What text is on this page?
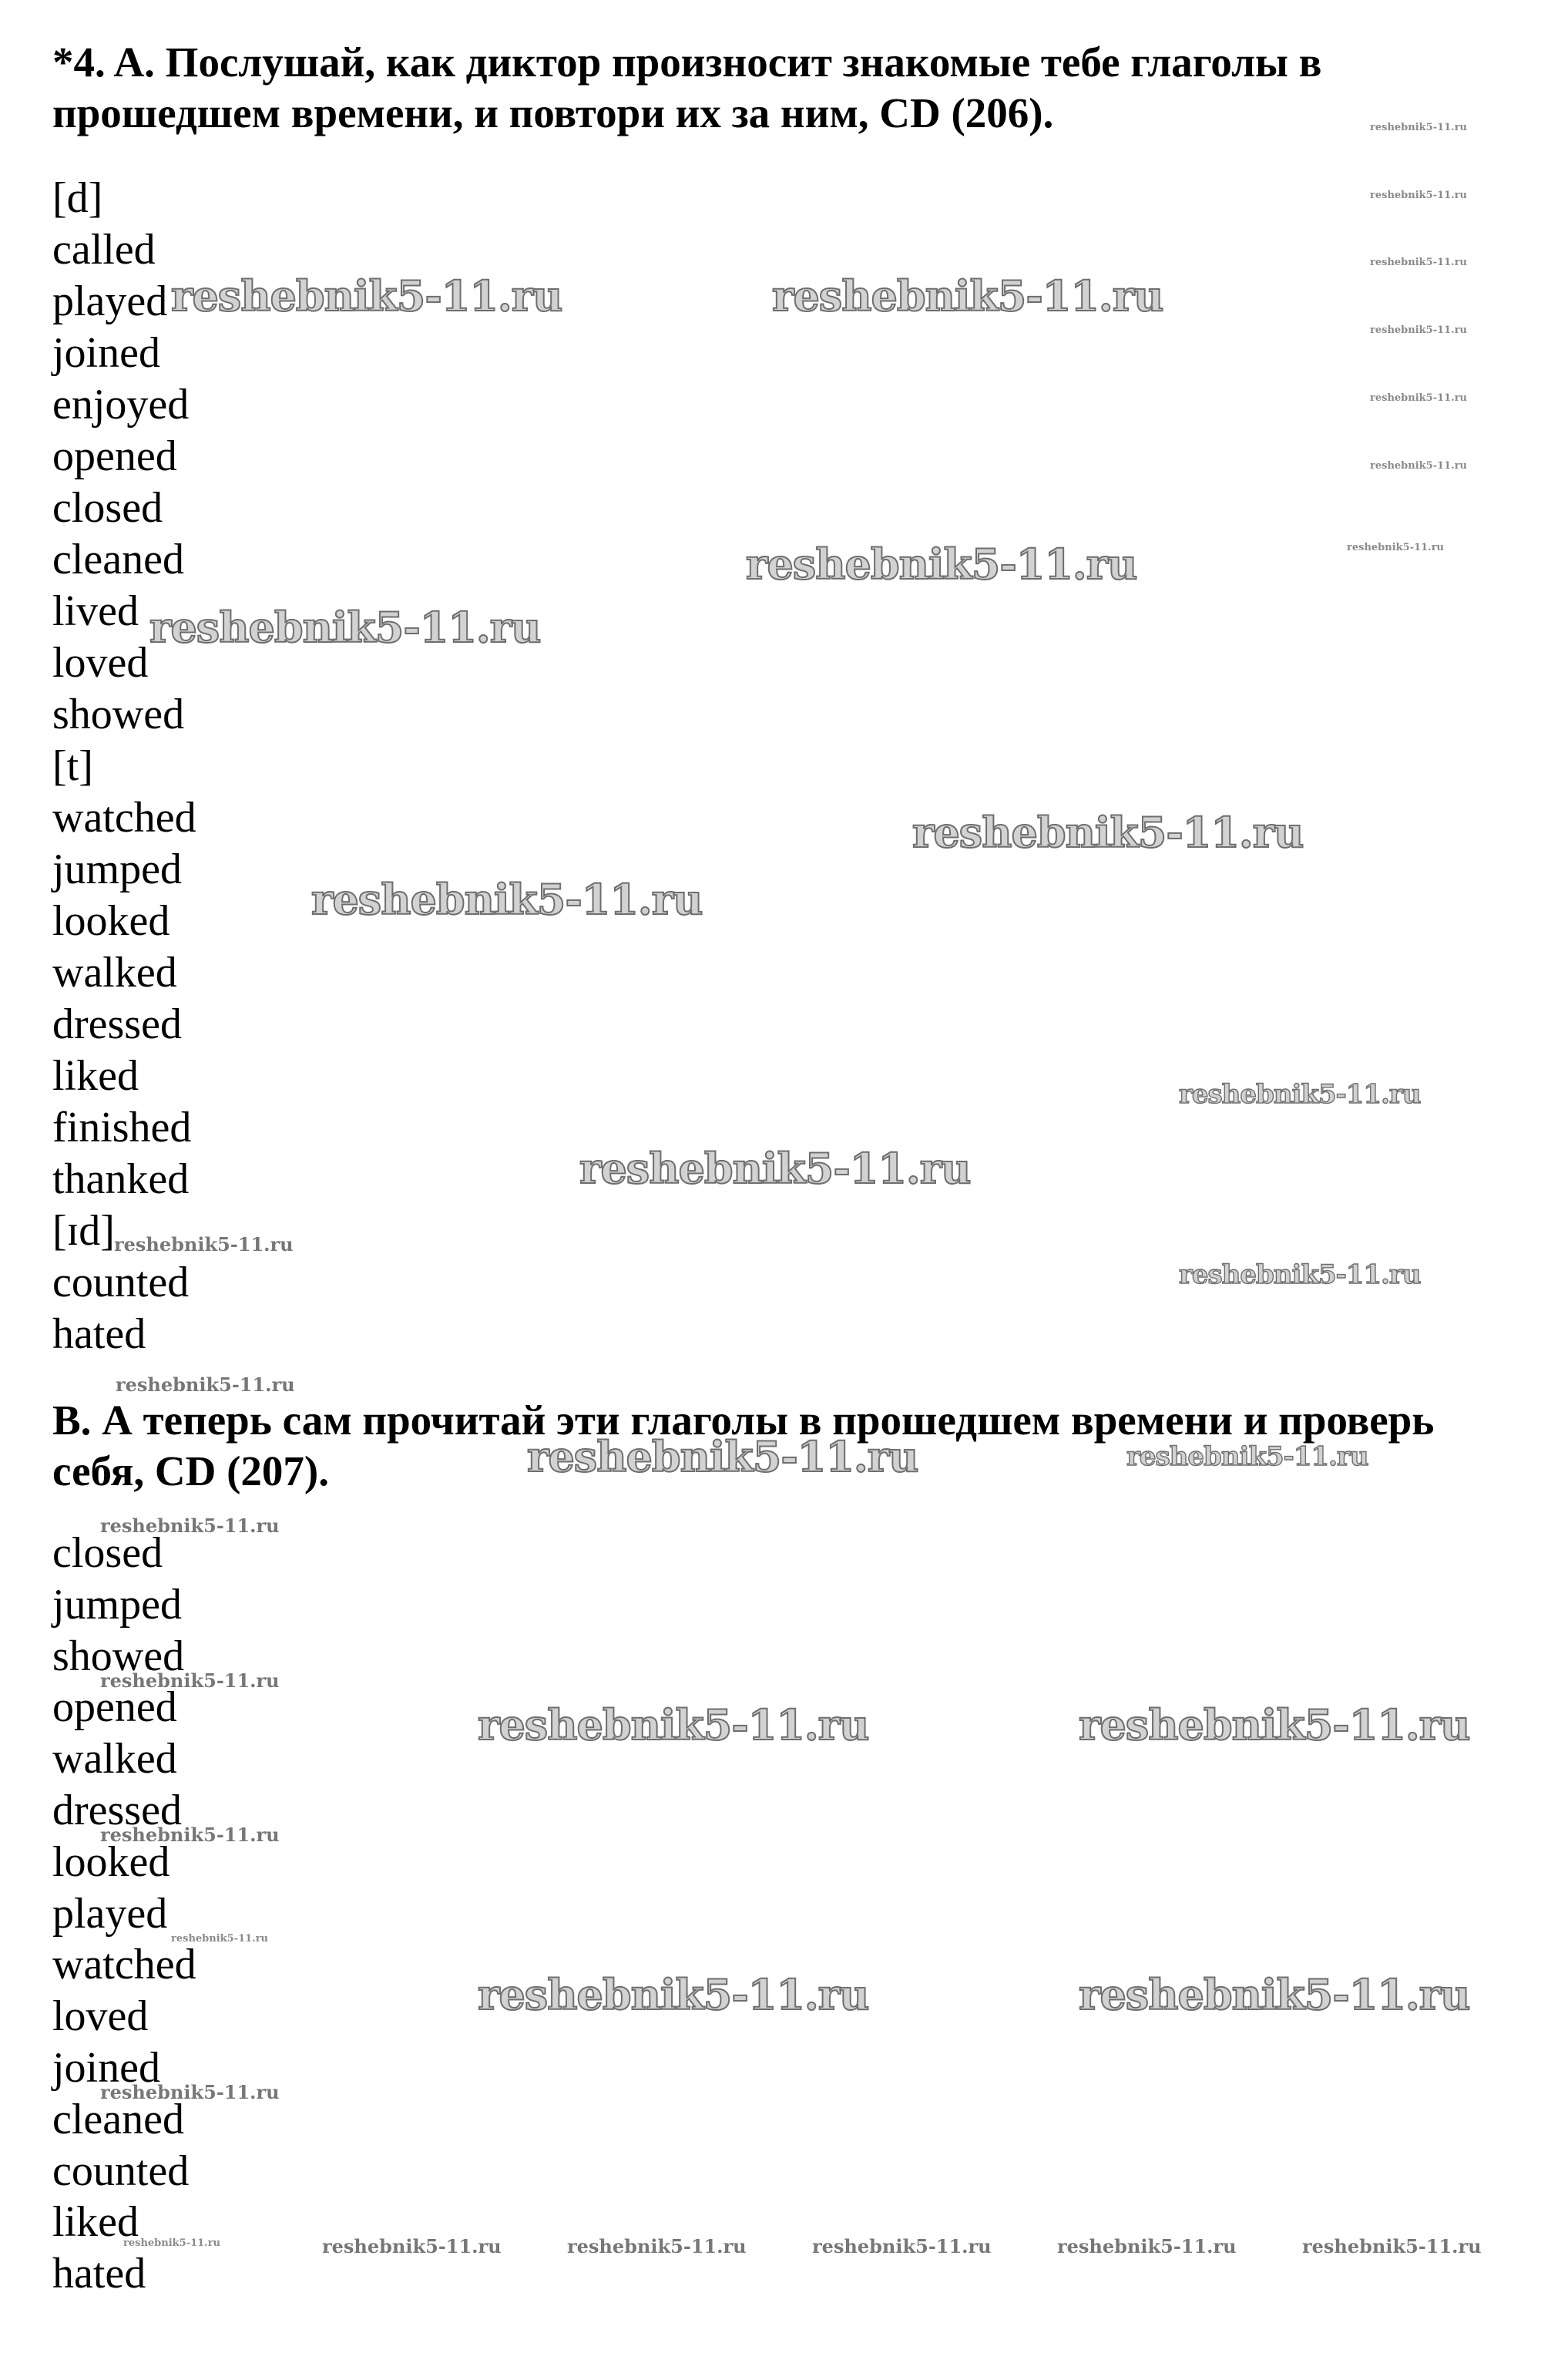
*4. A. Послушай, как диктор произносит знакомые тебе глаголы в
прошедшем времени, и повтори их за ним, CD (206).
[d]
called
played
joined
enjoyed
opened
closed
cleaned
lived
loved
showed
[t]
watched
jumped
looked
walked
dressed
liked
finished
thanked
[ɪd]
counted
hated
B. А теперь сам прочитай эти глаголы в прошедшем времени и проверь
себя, CD (207).
closed
jumped
showed
opened
walked
dressed
looked
played
watched
loved
joined
cleaned
counted
liked
hated
reshebnik5-11.ru
reshebnik5-11.ru
reshebnik5-11.ru
reshebnik5-11.ru
reshebnik5-11.ru
reshebnik5-11.ru
reshebnik5-11.ru
reshebnik5-11.ru	reshebnik5-11.ru
reshebnik5-11.ru
reshebnik5-11.ru
reshebnik5-11.ru
reshebnik5-11.ru
reshebnik5-11.ru
reshebnik5-11.ru
reshebnik5-11.ru
reshebnik5-11.ru
reshebnik5-11.ru
reshebnik5-11.ru	reshebnik5-11.ru
reshebnik5-11.ru
reshebnik5-11.ru
reshebnik5-11.ru
reshebnik5-11.ru
reshebnik5-11.ru
reshebnik5-11.ru
reshebnik5-11.ru	reshebnik5-11.ru
reshebnik5-11.ru	reshebnik5-11.ru
reshebnik5-11.ru	reshebnik5-11.ru	reshebnik5-11.ru	reshebnik5-11.ru	reshebnik5-11.ru
